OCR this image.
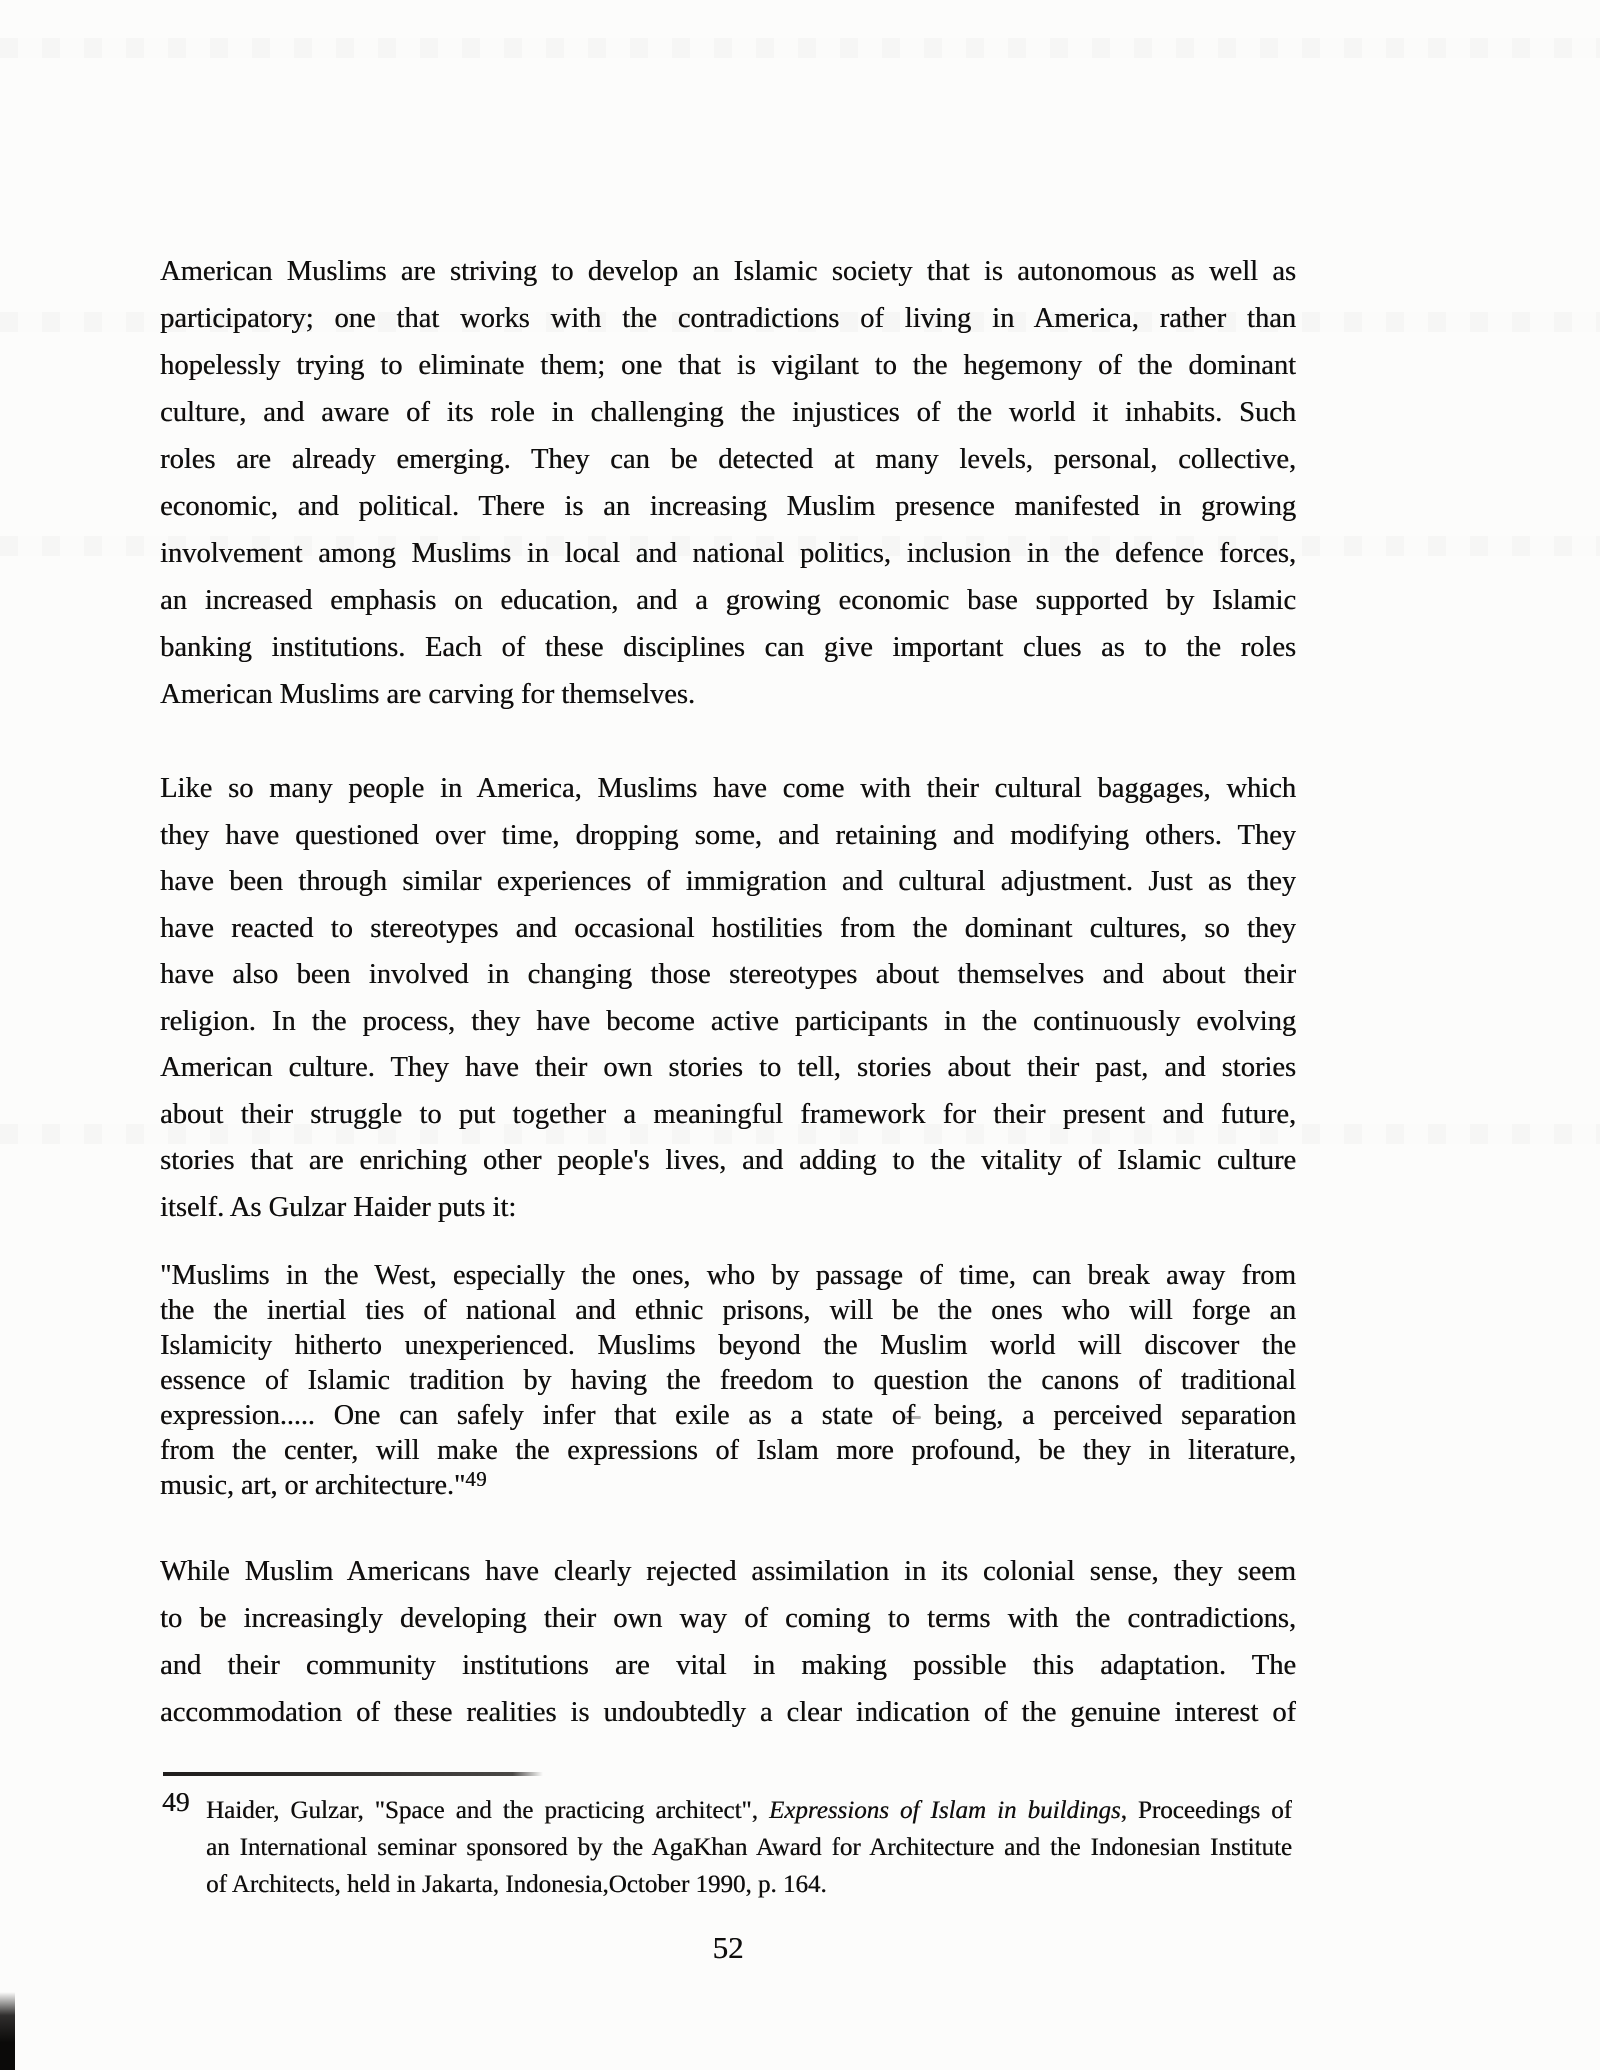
American Muslims are striving to develop an Islamic society that is autonomous as well as
participatory; one that works with the contradictions of living in America, rather than
hopelessly trying to eliminate them; one that is vigilant to the hegemony of the dominant
culture, and aware of its role in challenging the injustices of the world it inhabits. Such
roles are already emerging. They can be detected at many levels, personal, collective,
economic, and political. There is an increasing Muslim presence manifested in growing
involvement among Muslims in local and national politics, inclusion in the defence forces,
an increased emphasis on education, and a growing economic base supported by Islamic
banking institutions. Each of these disciplines can give important clues as to the roles
American Muslims are carving for themselves.
Like so many people in America, Muslims have come with their cultural baggages, which
they have questioned over time, dropping some, and retaining and modifying others. They
have been through similar experiences of immigration and cultural adjustment. Just as they
have reacted to stereotypes and occasional hostilities from the dominant cultures, so they
have also been involved in changing those stereotypes about themselves and about their
religion. In the process, they have become active participants in the continuously evolving
American culture. They have their own stories to tell, stories about their past, and stories
about their struggle to put together a meaningful framework for their present and future,
stories that are enriching other people's lives, and adding to the vitality of Islamic culture
itself. As Gulzar Haider puts it:
"Muslims in the West, especially the ones, who by passage of time, can break away from
the the inertial ties of national and ethnic prisons, will be the ones who will forge an
Islamicity hitherto unexperienced. Muslims beyond the Muslim world will discover the
essence of Islamic tradition by having the freedom to question the canons of traditional
expression..... One can safely infer that exile as a state of being, a perceived separation
from the center, will make the expressions of Islam more profound, be they in literature,
music, art, or architecture."$^{49}$
While Muslim Americans have clearly rejected assimilation in its colonial sense, they seem
to be increasingly developing their own way of coming to terms with the contradictions,
and their community institutions are vital in making possible this adaptation. The
accommodation of these realities is undoubtedly a clear indication of the genuine interest of
49 Haider, Gulzar, "Space and the practicing architect", Expressions of Islam in buildings, Proceedings of
an International seminar sponsored by the AgaKhan Award for Architecture and the Indonesian Institute
of Architects, held in Jakarta, Indonesia,October 1990, p. 164.
52
